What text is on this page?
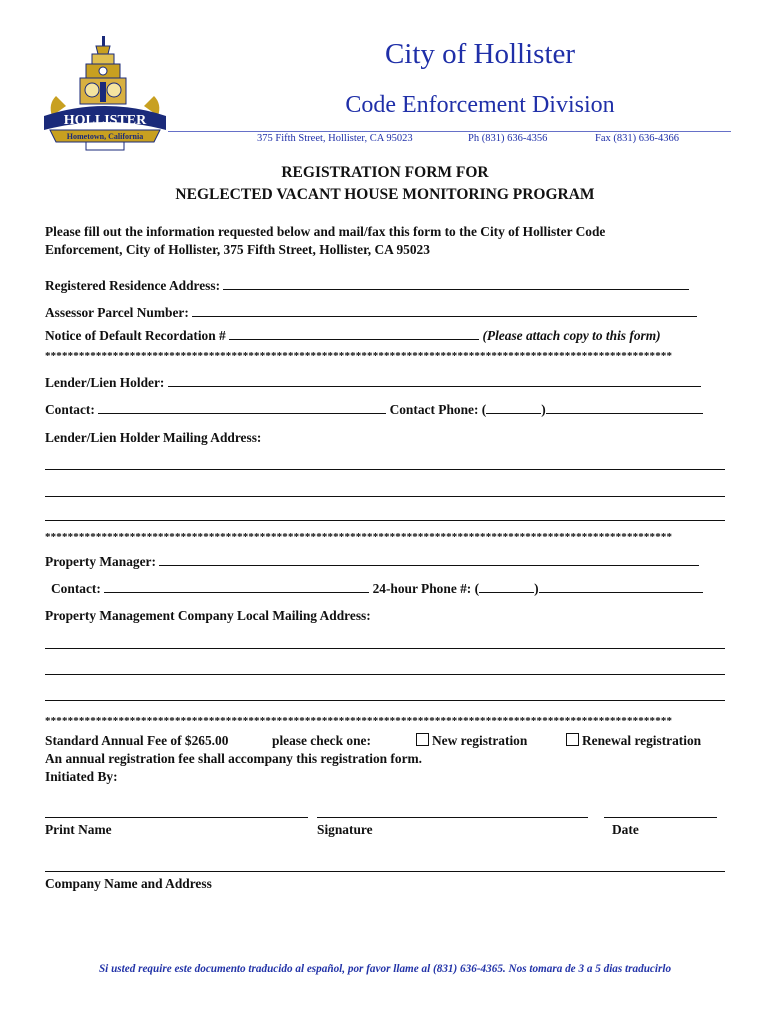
HOLLISTER
Hometown, California
City of Hollister
Code Enforcement Division
375 Fifth Street, Hollister, CA 95023	Ph (831) 636-4356	Fax (831) 636-4366
REGISTRATION FORM FOR
NEGLECTED VACANT HOUSE MONITORING PROGRAM
Please fill out the information requested below and mail/fax this form to the City of Hollister Code
Enforcement, City of Hollister, 375 Fifth Street, Hollister, CA 95023
Registered Residence Address:
Assessor Parcel Number:
Notice of Default Recordation #	(Please attach copy to this form)
***************************************************************************************************************
Lender/Lien Holder:
Contact:	Contact Phone: (	)
Lender/Lien Holder Mailing Address:
***************************************************************************************************************
Property Manager:
Contact:	24-hour Phone #: (	)
Property Management Company Local Mailing Address:
***************************************************************************************************************
Standard Annual Fee of $265.00	please check one:	New registration	Renewal registration
An annual registration fee shall accompany this registration form.
Initiated By:
Print Name	Signature	Date
Company Name and Address
Si usted require este documento traducido al español, por favor llame al (831) 636-4365. Nos tomara de 3 a 5 dias traducirlo
